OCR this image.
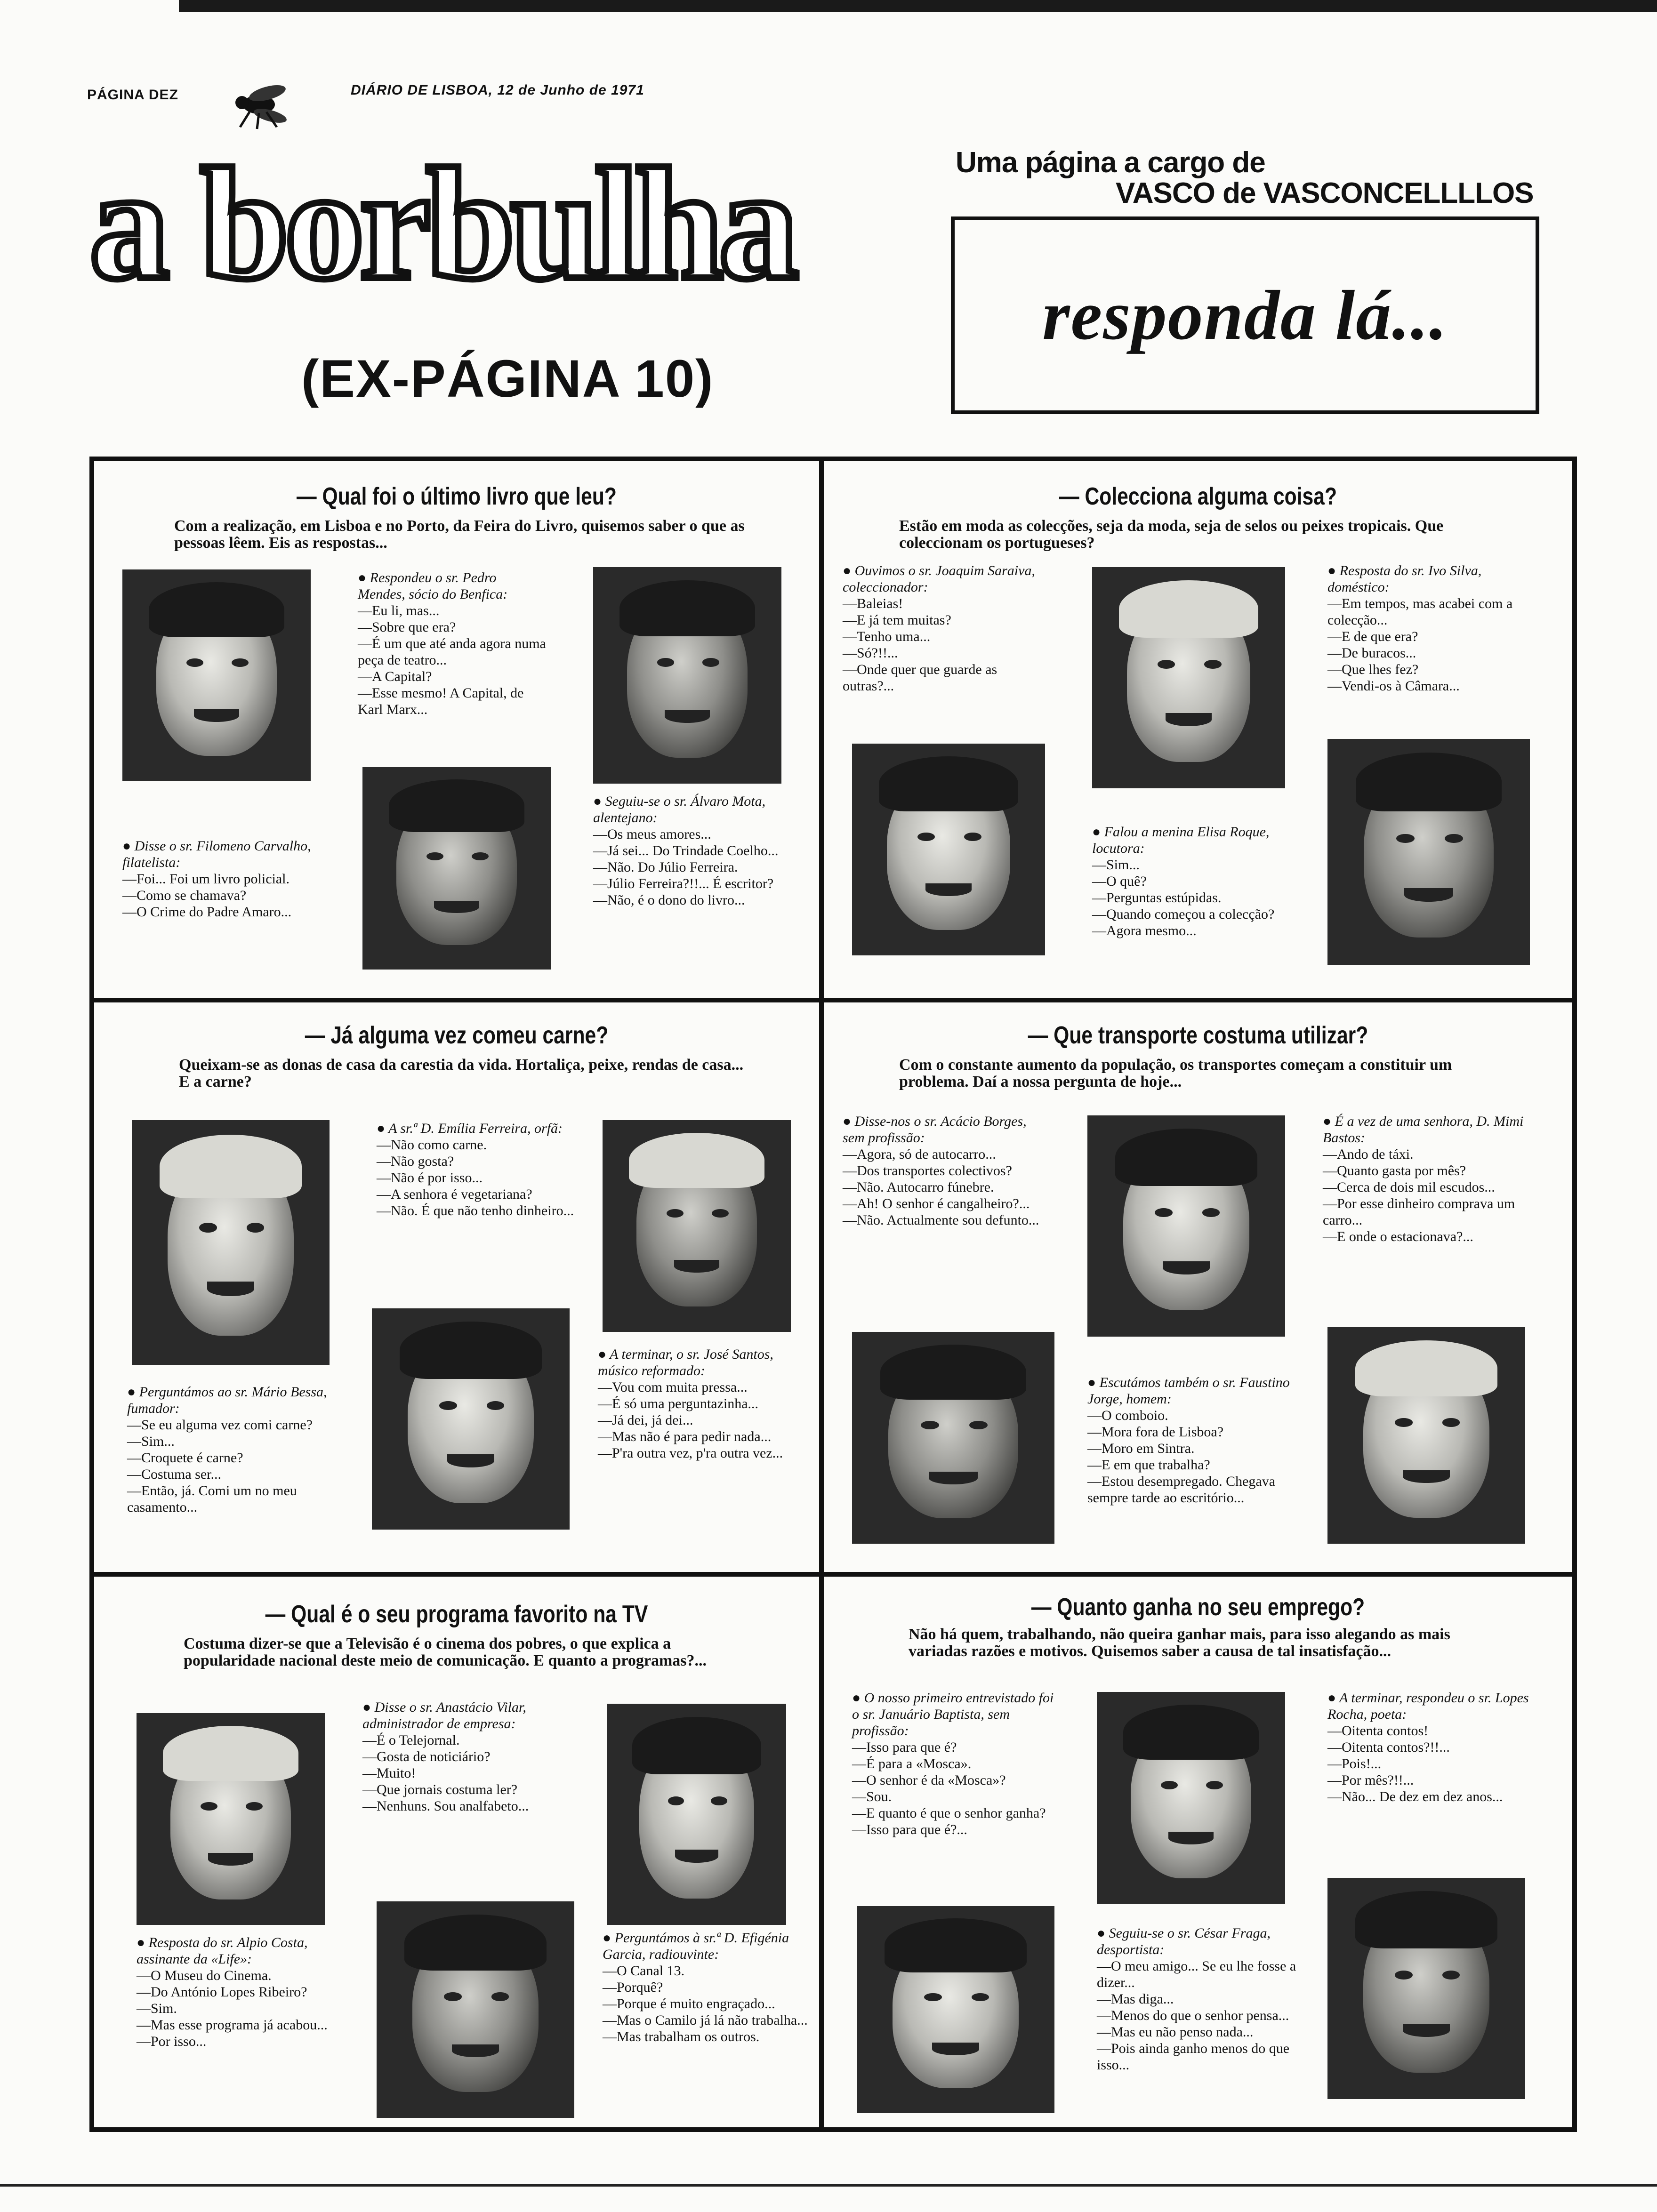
PÁGINA DEZ	DIÁRIO DE LISBOA, 12 de Junho de 1971
a borbulha
(EX-PÁGINA 10)
Uma página a cargo de
VASCO de VASCONCELLLLOS
responda lá...
— Qual foi o último livro que leu?
Com a realização, em Lisboa e no Porto, da Feira do Livro, quisemos saber o que as pessoas lêem. Eis as respostas...
● Respondeu o sr. Pedro Mendes, sócio do Benfica:
—Eu li, mas...
—Sobre que era?
—É um que até anda agora numa peça de teatro...
—A Capital?
—Esse mesmo! A Capital, de Karl Marx...
● Disse o sr. Filomeno Carvalho, filatelista:
—Foi... Foi um livro policial.
—Como se chamava?
—O Crime do Padre Amaro...
● Seguiu-se o sr. Álvaro Mota, alentejano:
—Os meus amores...
—Já sei... Do Trindade Coelho...
—Não. Do Júlio Ferreira.
—Júlio Ferreira?!!... É escritor?
—Não, é o dono do livro...
— Colecciona alguma coisa?
Estão em moda as colecções, seja da moda, seja de selos ou peixes tropicais. Que coleccionam os portugueses?
● Ouvimos o sr. Joaquim Saraiva, coleccionador:
—Baleias!
—E já tem muitas?
—Tenho uma...
—Só?!!...
—Onde quer que guarde as outras?...
● Resposta do sr. Ivo Silva, doméstico:
—Em tempos, mas acabei com a colecção...
—E de que era?
—De buracos...
—Que lhes fez?
—Vendi-os à Câmara...
● Falou a menina Elisa Roque, locutora:
—Sim...
—O quê?
—Perguntas estúpidas.
—Quando começou a colecção?
—Agora mesmo...
— Já alguma vez comeu carne?
Queixam-se as donas de casa da carestia da vida. Hortaliça, peixe, rendas de casa... E a carne?
● A sr.ª D. Emília Ferreira, orfã:
—Não como carne.
—Não gosta?
—Não é por isso...
—A senhora é vegetariana?
—Não. É que não tenho dinheiro...
● Perguntámos ao sr. Mário Bessa, fumador:
—Se eu alguma vez comi carne?
—Sim...
—Croquete é carne?
—Costuma ser...
—Então, já. Comi um no meu casamento...
● A terminar, o sr. José Santos, músico reformado:
—Vou com muita pressa...
—É só uma perguntazinha...
—Já dei, já dei...
—Mas não é para pedir nada...
—P'ra outra vez, p'ra outra vez...
— Que transporte costuma utilizar?
Com o constante aumento da população, os transportes começam a constituir um problema. Daí a nossa pergunta de hoje...
● Disse-nos o sr. Acácio Borges, sem profissão:
—Agora, só de autocarro...
—Dos transportes colectivos?
—Não. Autocarro fúnebre.
—Ah! O senhor é cangalheiro?...
—Não. Actualmente sou defunto...
● É a vez de uma senhora, D. Mimi Bastos:
—Ando de táxi.
—Quanto gasta por mês?
—Cerca de dois mil escudos...
—Por esse dinheiro comprava um carro...
—E onde o estacionava?...
● Escutámos também o sr. Faustino Jorge, homem:
—O comboio.
—Mora fora de Lisboa?
—Moro em Sintra.
—E em que trabalha?
—Estou desempregado. Chegava sempre tarde ao escritório...
— Qual é o seu programa favorito na TV
Costuma dizer-se que a Televisão é o cinema dos pobres, o que explica a popularidade nacional deste meio de comunicação. E quanto a programas?...
● Disse o sr. Anastácio Vilar, administrador de empresa:
—É o Telejornal.
—Gosta de noticiário?
—Muito!
—Que jornais costuma ler?
—Nenhuns. Sou analfabeto...
● Resposta do sr. Alpio Costa, assinante da «Life»:
—O Museu do Cinema.
—Do António Lopes Ribeiro?
—Sim.
—Mas esse programa já acabou...
—Por isso...
● Perguntámos à sr.ª D. Efigénia Garcia, radiouvinte:
—O Canal 13.
—Porquê?
—Porque é muito engraçado...
—Mas o Camilo já lá não trabalha...
—Mas trabalham os outros.
— Quanto ganha no seu emprego?
Não há quem, trabalhando, não queira ganhar mais, para isso alegando as mais variadas razões e motivos. Quisemos saber a causa de tal insatisfação...
● O nosso primeiro entrevistado foi o sr. Januário Baptista, sem profissão:
—Isso para que é?
—É para a «Mosca».
—O senhor é da «Mosca»?
—Sou.
—E quanto é que o senhor ganha?
—Isso para que é?...
● A terminar, respondeu o sr. Lopes Rocha, poeta:
—Oitenta contos!
—Oitenta contos?!!...
—Pois!...
—Por mês?!!...
—Não... De dez em dez anos...
● Seguiu-se o sr. César Fraga, desportista:
—O meu amigo... Se eu lhe fosse a dizer...
—Mas diga...
—Menos do que o senhor pensa...
—Mas eu não penso nada...
—Pois ainda ganho menos do que isso...
